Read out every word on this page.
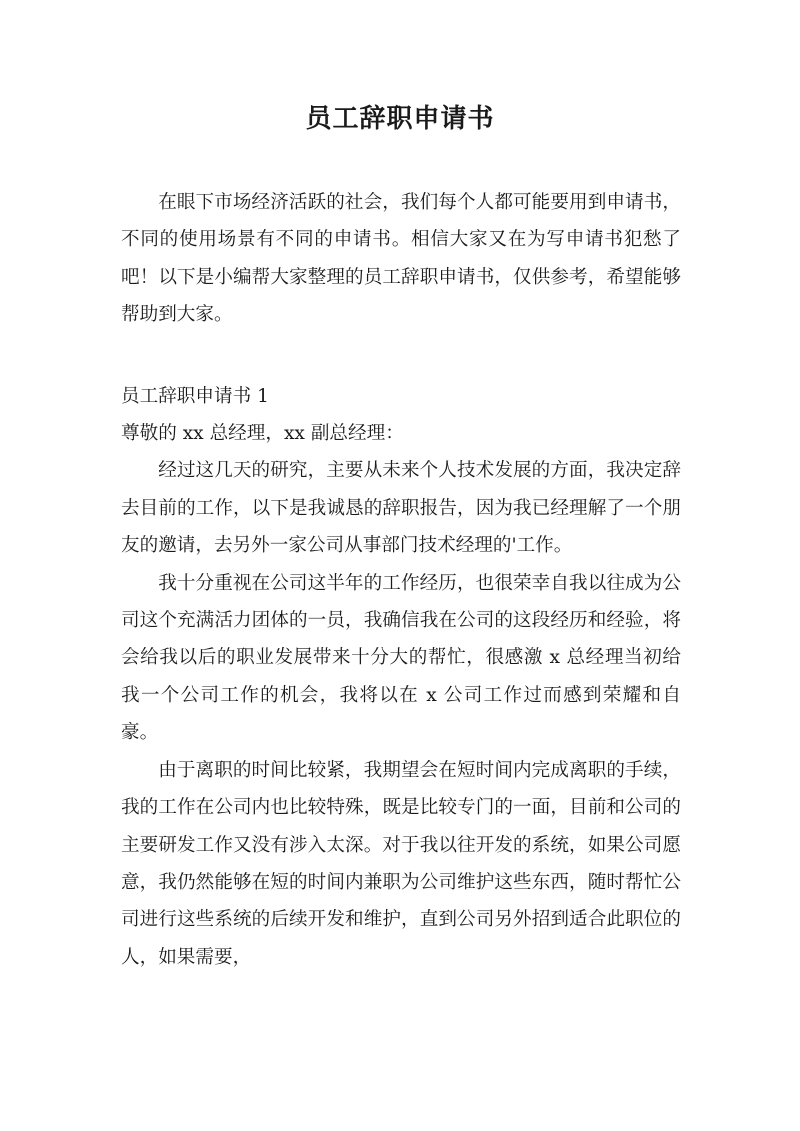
员工辞职申请书

在眼下市场经济活跃的社会，我们每个人都可能要用到申请书，不同的使用场景有不同的申请书。相信大家又在为写申请书犯愁了吧！以下是小编帮大家整理的员工辞职申请书，仅供参考，希望能够帮助到大家。

员工辞职申请书 1

尊敬的 xx 总经理，xx 副总经理：

经过这几天的研究，主要从未来个人技术发展的方面，我决定辞去目前的工作，以下是我诚恳的辞职报告，因为我已经理解了一个朋友的邀请，去另外一家公司从事部门技术经理的'工作。

我十分重视在公司这半年的工作经历，也很荣幸自我以往成为公司这个充满活力团体的一员，我确信我在公司的这段经历和经验，将会给我以后的职业发展带来十分大的帮忙，很感激 x 总经理当初给我一个公司工作的机会，我将以在 x 公司工作过而感到荣耀和自豪。

由于离职的时间比较紧，我期望会在短时间内完成离职的手续，我的工作在公司内也比较特殊，既是比较专门的一面，目前和公司的主要研发工作又没有涉入太深。对于我以往开发的系统，如果公司愿意，我仍然能够在短的时间内兼职为公司维护这些东西，随时帮忙公司进行这些系统的后续开发和维护，直到公司另外招到适合此职位的人，如果需要，
